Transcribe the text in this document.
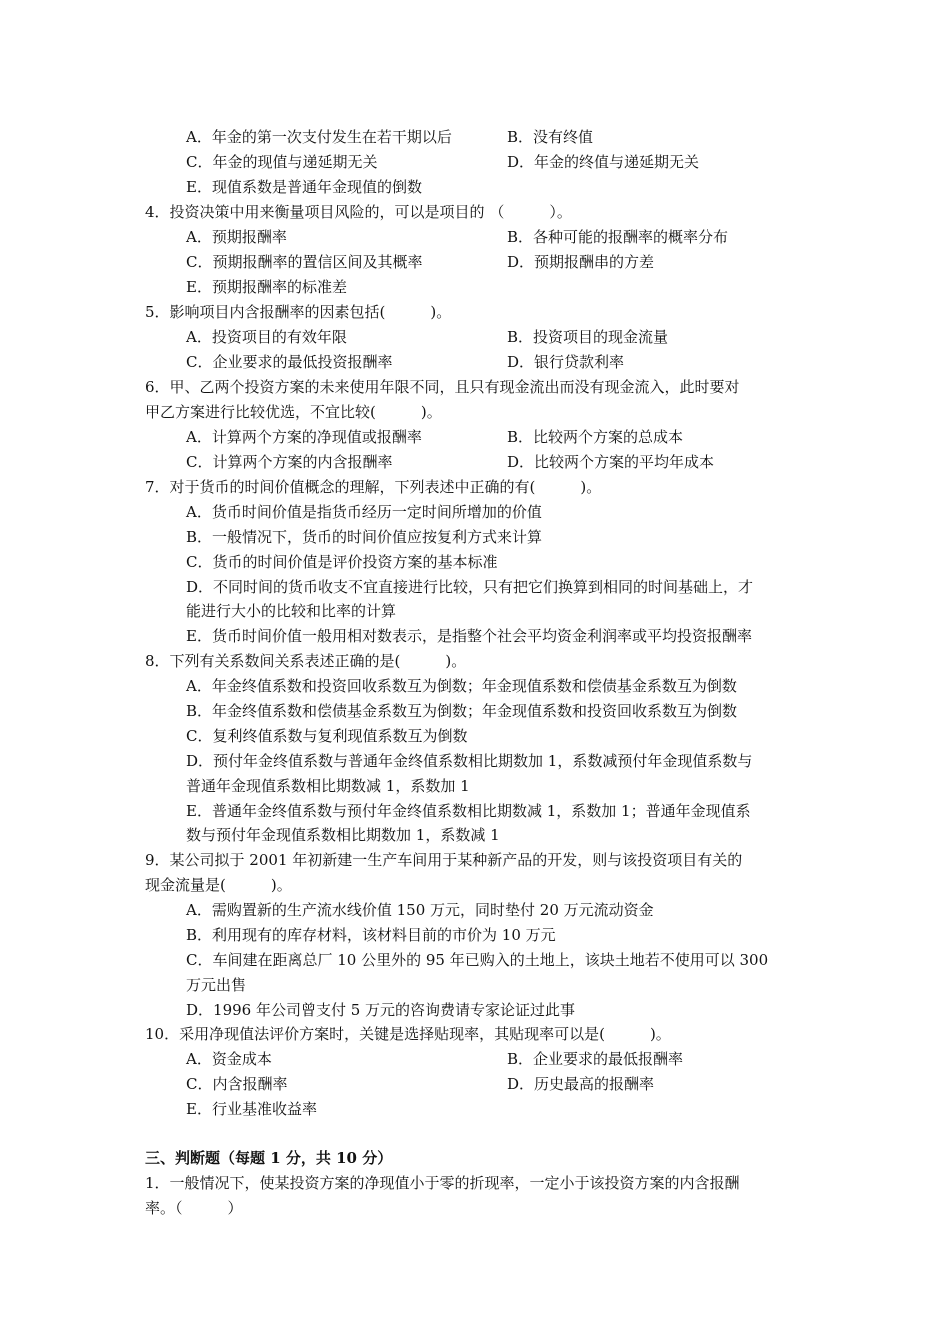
A．年金的第一次支付发生在若干期以后	B．没有终值
C．年金的现值与递延期无关	D．年金的终值与递延期无关
E．现值系数是普通年金现值的倒数
4．投资决策中用来衡量项目风险的，可以是项目的 （　　　）。
A．预期报酬率	B．各种可能的报酬率的概率分布
C．预期报酬率的置信区间及其概率	D．预期报酬串的方差
E．预期报酬率的标准差
5．影响项目内含报酬率的因素包括(　　　)。
A．投资项目的有效年限	B．投资项目的现金流量
C．企业要求的最低投资报酬率	D．银行贷款利率
6．甲、乙两个投资方案的未来使用年限不同，且只有现金流出而没有现金流入，此时要对
甲乙方案进行比较优选，不宜比较(　　　)。
A．计算两个方案的净现值或报酬率	B．比较两个方案的总成本
C．计算两个方案的内含报酬率	D．比较两个方案的平均年成本
7．对于货币的时间价值概念的理解，下列表述中正确的有(　　　)。
A．货币时间价值是指货币经历一定时间所增加的价值
B．一般情况下，货币的时间价值应按复利方式来计算
C．货币的时间价值是评价投资方案的基本标准
D．不同时间的货币收支不宜直接进行比较，只有把它们换算到相同的时间基础上，才
能进行大小的比较和比率的计算
E．货币时间价值一般用相对数表示，是指整个社会平均资金利润率或平均投资报酬率
8．下列有关系数间关系表述正确的是(　　　)。
A．年金终值系数和投资回收系数互为倒数；年金现值系数和偿债基金系数互为倒数
B．年金终值系数和偿债基金系数互为倒数；年金现值系数和投资回收系数互为倒数
C．复利终值系数与复利现值系数互为倒数
D．预付年金终值系数与普通年金终值系数相比期数加 1，系数减预付年金现值系数与
普通年金现值系数相比期数减 1，系数加 1
E．普通年金终值系数与预付年金终值系数相比期数减 1，系数加 1；普通年金现值系
数与预付年金现值系数相比期数加 1，系数减 1
9．某公司拟于 2001 年初新建一生产车间用于某种新产品的开发，则与该投资项目有关的
现金流量是(　　　)。
A．需购置新的生产流水线价值 150 万元，同时垫付 20 万元流动资金
B．利用现有的库存材料，该材料目前的市价为 10 万元
C．车间建在距离总厂 10 公里外的 95 年已购入的土地上，该块土地若不使用可以 300
万元出售
D．1996 年公司曾支付 5 万元的咨询费请专家论证过此事
10．采用净现值法评价方案时，关键是选择贴现率，其贴现率可以是(　　　)。
A．资金成本	B．企业要求的最低报酬率
C．内含报酬率	D．历史最高的报酬率
E．行业基准收益率
三、判断题（每题 1 分，共 10 分）
1．一般情况下，使某投资方案的净现值小于零的折现率，一定小于该投资方案的内含报酬
率。（　　　）
